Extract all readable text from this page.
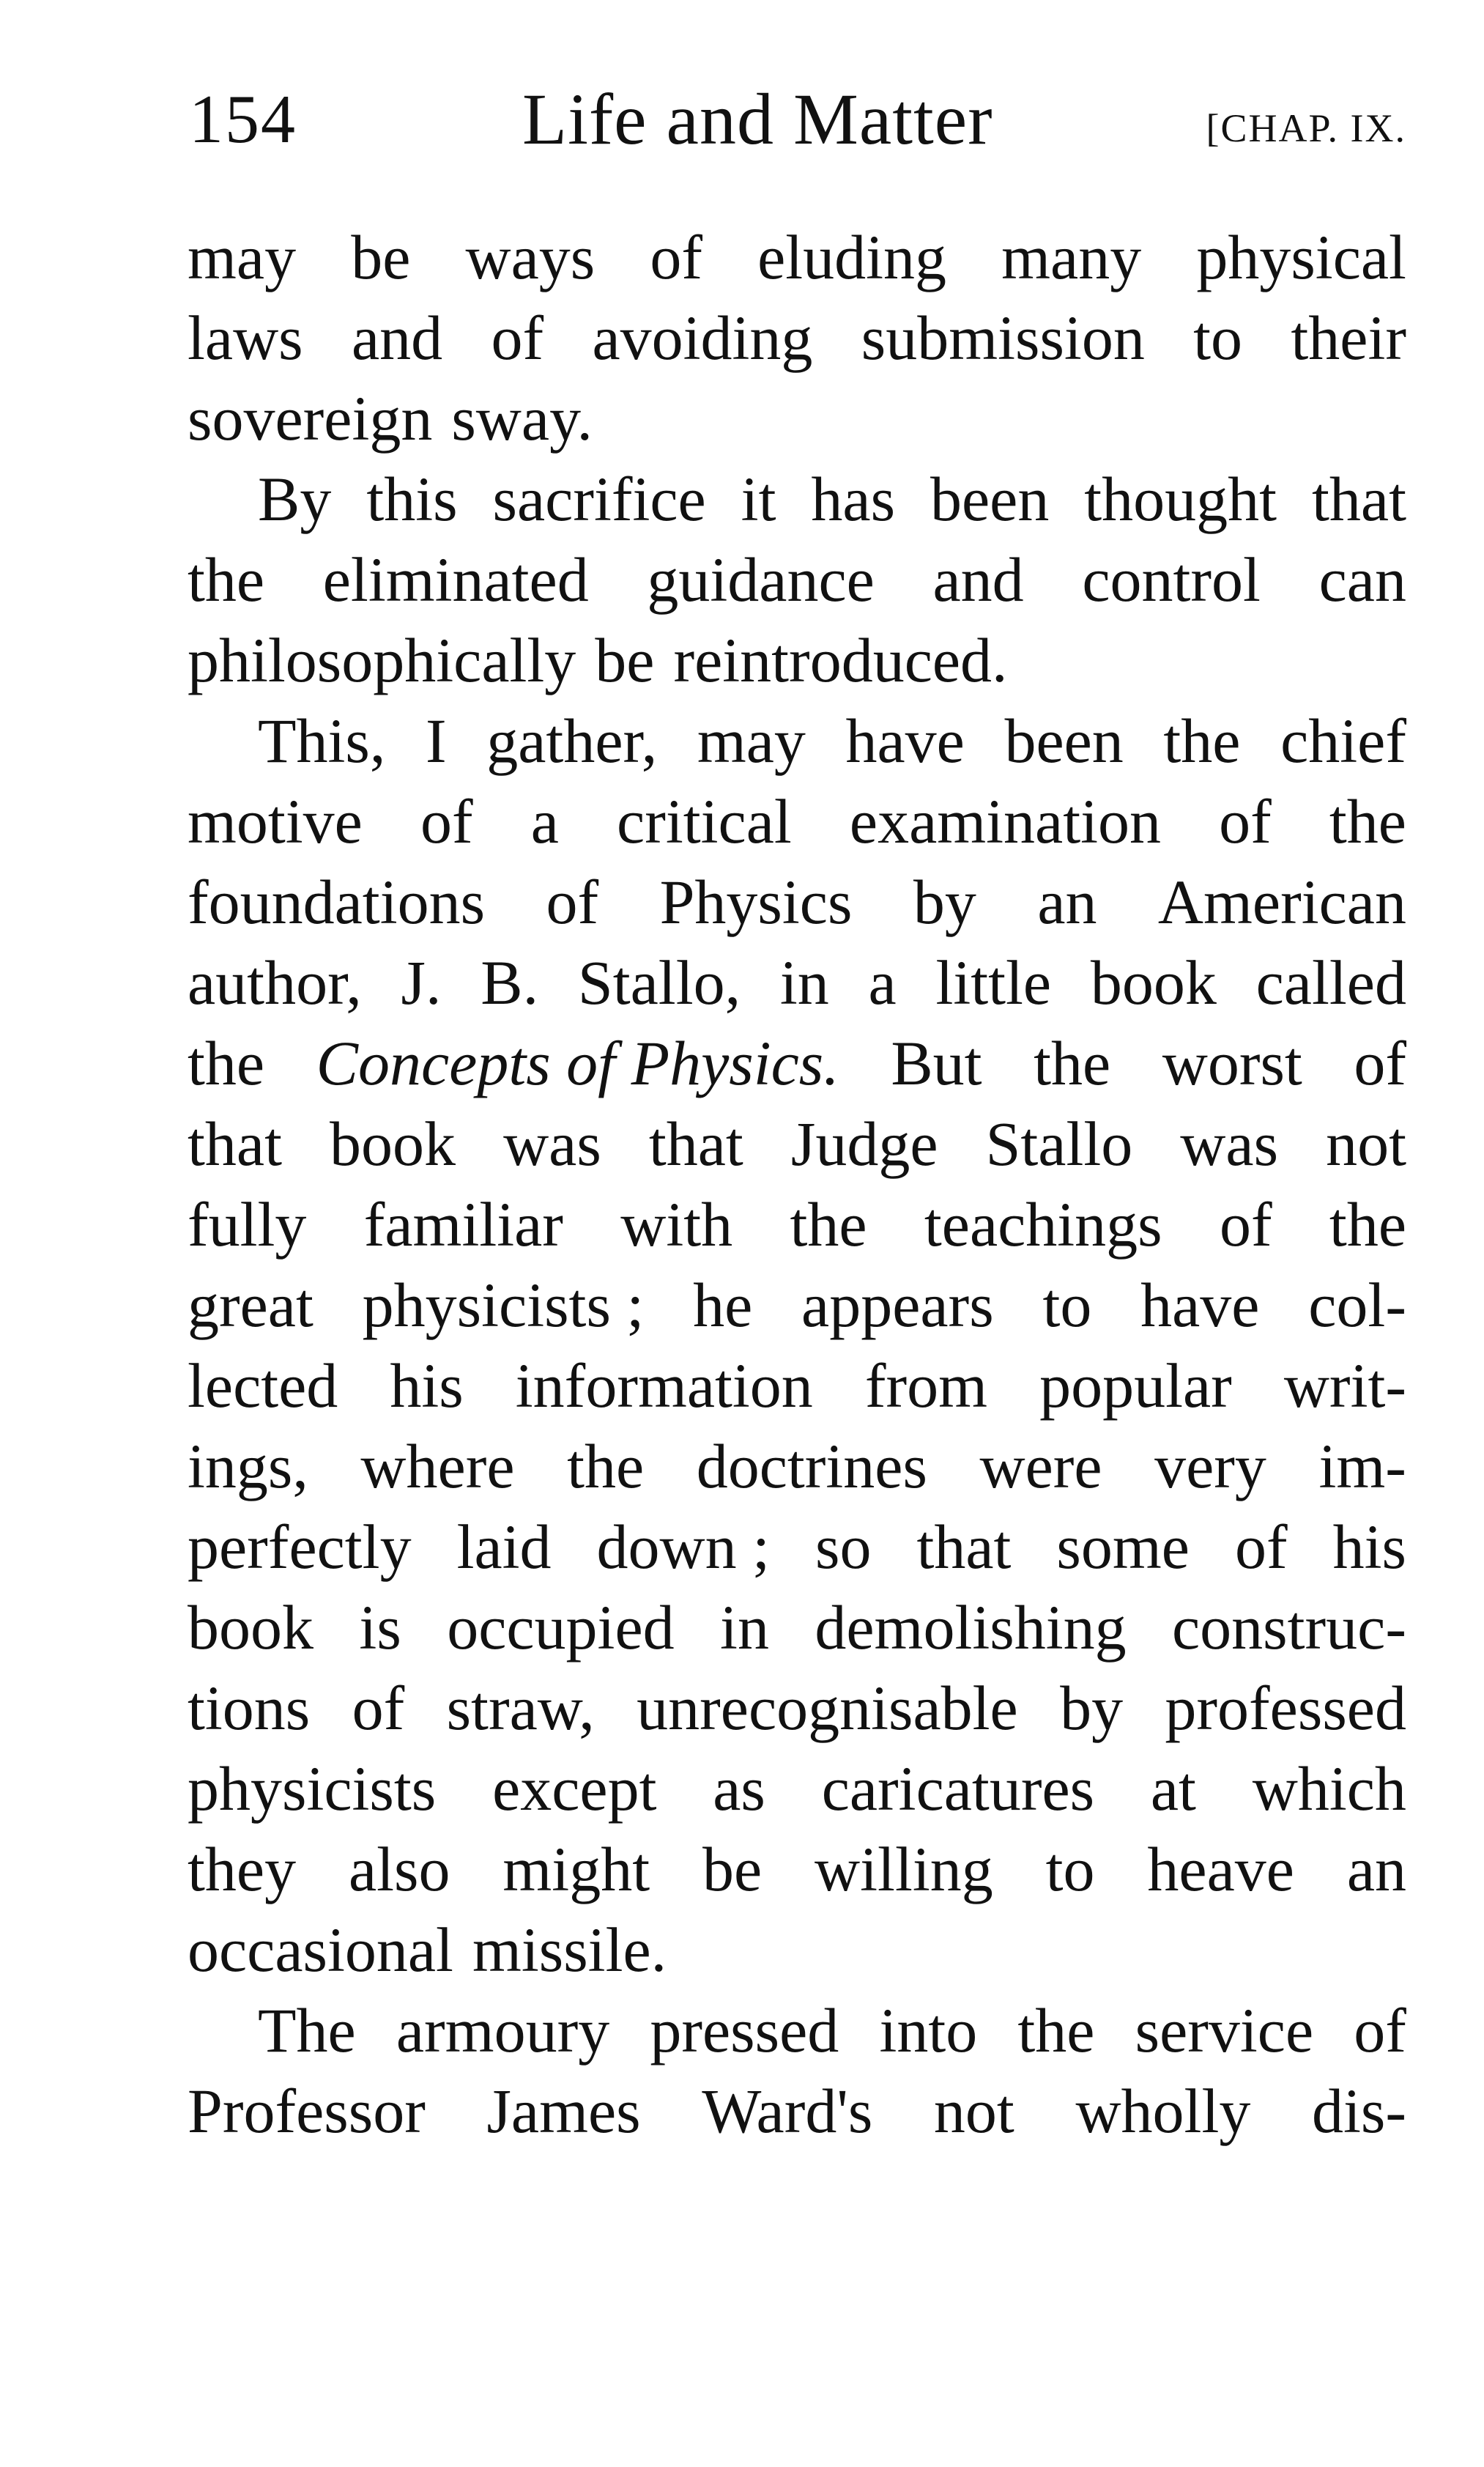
154	Life and Matter	[CHAP. IX.
may be ways of eluding many physical
laws and of avoiding submission to their
sovereign sway.
By this sacrifice it has been thought that
the eliminated guidance and control can
philosophically be reintroduced.
This, I gather, may have been the chief
motive of a critical examination of the
foundations of Physics by an American
author, J. B. Stallo, in a little book called
the Concepts of Physics. But the worst of
that book was that Judge Stallo was not
fully familiar with the teachings of the
great physicists ; he appears to have col-
lected his information from popular writ-
ings, where the doctrines were very im-
perfectly laid down ; so that some of his
book is occupied in demolishing construc-
tions of straw, unrecognisable by professed
physicists except as caricatures at which
they also might be willing to heave an
occasional missile.
The armoury pressed into the service of
Professor James Ward's not wholly dis-
